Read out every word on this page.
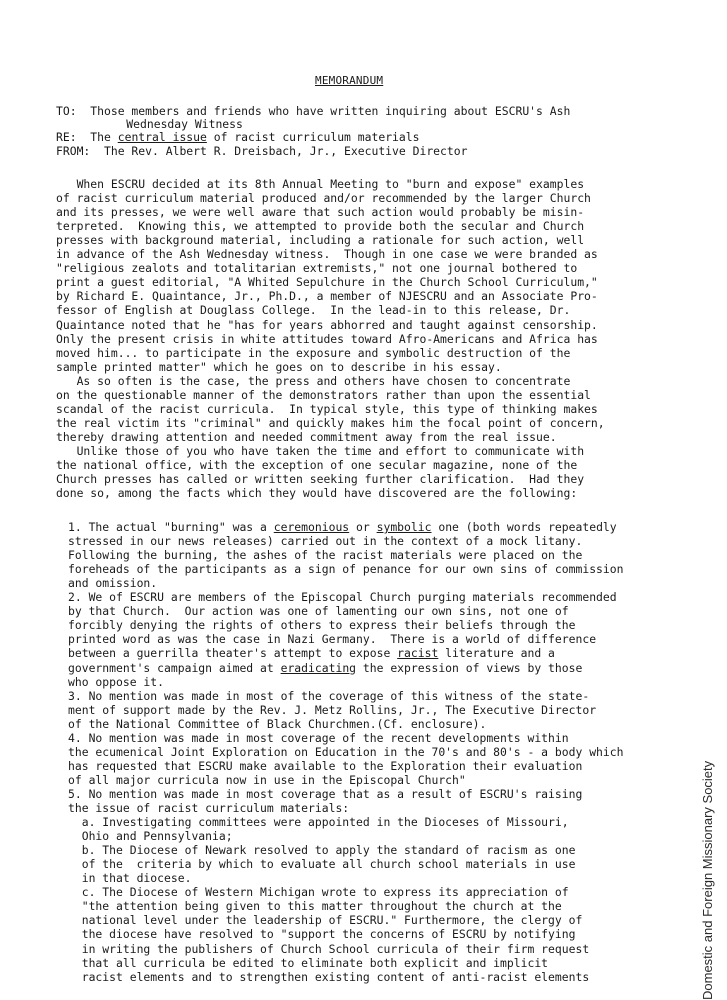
MEMORANDUM
TO:  Those members and friends who have written inquiring about ESCRU's Ash
Wednesday Witness
RE:  The central issue of racist curriculum materials
FROM:  The Rev. Albert R. Dreisbach, Jr., Executive Director
When ESCRU decided at its 8th Annual Meeting to "burn and expose" examples
of racist curriculum material produced and/or recommended by the larger Church
and its presses, we were well aware that such action would probably be misin-
terpreted.  Knowing this, we attempted to provide both the secular and Church
presses with background material, including a rationale for such action, well
in advance of the Ash Wednesday witness.  Though in one case we were branded as
"religious zealots and totalitarian extremists," not one journal bothered to
print a guest editorial, "A Whited Sepulchure in the Church School Curriculum,"
by Richard E. Quaintance, Jr., Ph.D., a member of NJESCRU and an Associate Pro-
fessor of English at Douglass College.  In the lead-in to this release, Dr.
Quaintance noted that he "has for years abhorred and taught against censorship.
Only the present crisis in white attitudes toward Afro-Americans and Africa has
moved him... to participate in the exposure and symbolic destruction of the
sample printed matter" which he goes on to describe in his essay.
As so often is the case, the press and others have chosen to concentrate
on the questionable manner of the demonstrators rather than upon the essential
scandal of the racist curricula.  In typical style, this type of thinking makes
the real victim its "criminal" and quickly makes him the focal point of concern,
thereby drawing attention and needed commitment away from the real issue.
Unlike those of you who have taken the time and effort to communicate with
the national office, with the exception of one secular magazine, none of the
Church presses has called or written seeking further clarification.  Had they
done so, among the facts which they would have discovered are the following:
1. The actual "burning" was a ceremonious or symbolic one (both words repeatedly
stressed in our news releases) carried out in the context of a mock litany.
Following the burning, the ashes of the racist materials were placed on the
foreheads of the participants as a sign of penance for our own sins of commission
and omission.
2. We of ESCRU are members of the Episcopal Church purging materials recommended
by that Church.  Our action was one of lamenting our own sins, not one of
forcibly denying the rights of others to express their beliefs through the
printed word as was the case in Nazi Germany.  There is a world of difference
between a guerrilla theater's attempt to expose racist literature and a
government's campaign aimed at eradicating the expression of views by those
who oppose it.
3. No mention was made in most of the coverage of this witness of the state-
ment of support made by the Rev. J. Metz Rollins, Jr., The Executive Director
of the National Committee of Black Churchmen.(Cf. enclosure).
4. No mention was made in most coverage of the recent developments within
the ecumenical Joint Exploration on Education in the 70's and 80's - a body which
has requested that ESCRU make available to the Exploration their evaluation
of all major curricula now in use in the Episcopal Church"
5. No mention was made in most coverage that as a result of ESCRU's raising
the issue of racist curriculum materials:
a. Investigating committees were appointed in the Dioceses of Missouri,
Ohio and Pennsylvania;
b. The Diocese of Newark resolved to apply the standard of racism as one
of the  criteria by which to evaluate all church school materials in use
in that diocese.
c. The Diocese of Western Michigan wrote to express its appreciation of
"the attention being given to this matter throughout the church at the
national level under the leadership of ESCRU." Furthermore, the clergy of
the diocese have resolved to "support the concerns of ESCRU by notifying
in writing the publishers of Church School curricula of their firm request
that all curricula be edited to eliminate both explicit and implicit
racist elements and to strengthen existing content of anti-racist elements	Domestic and Foreign Missionary Society
